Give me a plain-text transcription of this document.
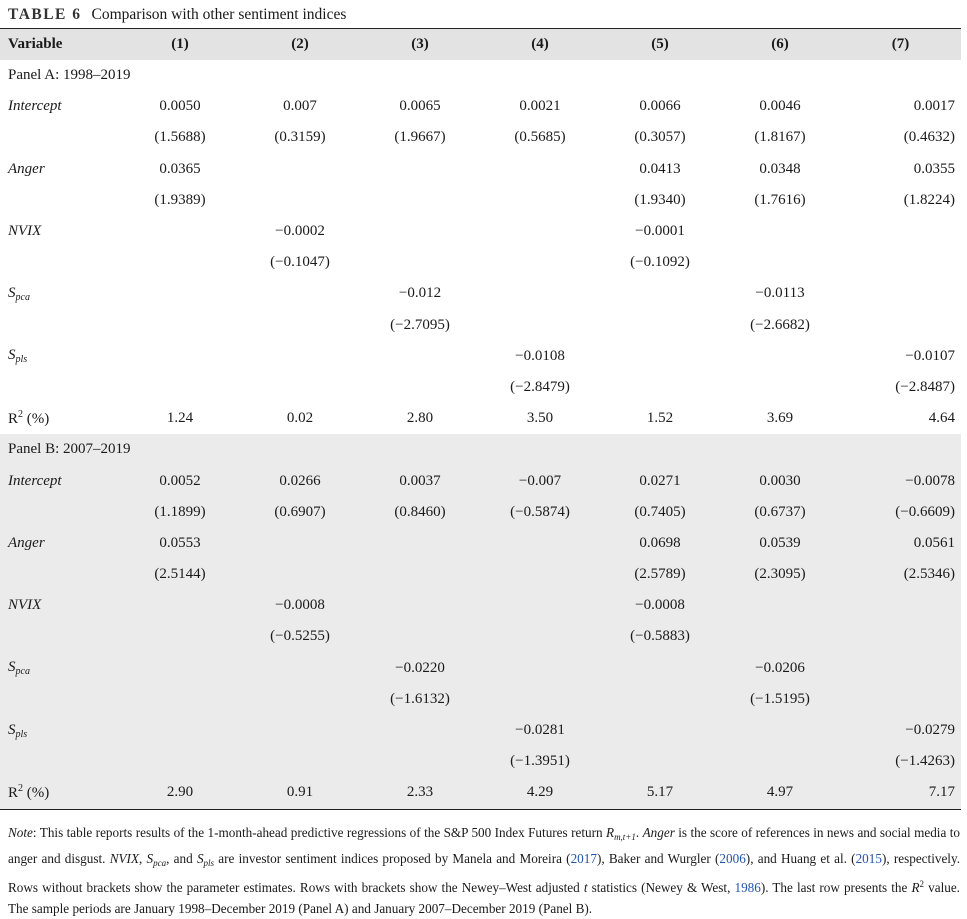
TABLE 6 Comparison with other sentiment indices
Variable	(1)	(2)	(3)	(4)	(5)	(6)	(7)
Panel A: 1998–2019							
Intercept	0.0050	0.007	0.0065	0.0021	0.0066	0.0046	0.0017
	(1.5688)	(0.3159)	(1.9667)	(0.5685)	(0.3057)	(1.8167)	(0.4632)
Anger	0.0365				0.0413	0.0348	0.0355
	(1.9389)				(1.9340)	(1.7616)	(1.8224)
NVIX		−0.0002			−0.0001		
		(−0.1047)			(−0.1092)		
$S_{pca}$			−0.012			−0.0113	
			(−2.7095)			(−2.6682)	
$S_{pls}$				−0.0108			−0.0107
				(−2.8479)			(−2.8487)
$R^2$ (%)	1.24	0.02	2.80	3.50	1.52	3.69	4.64
Panel B: 2007–2019							
Intercept	0.0052	0.0266	0.0037	−0.007	0.0271	0.0030	−0.0078
	(1.1899)	(0.6907)	(0.8460)	(−0.5874)	(0.7405)	(0.6737)	(−0.6609)
Anger	0.0553				0.0698	0.0539	0.0561
	(2.5144)				(2.5789)	(2.3095)	(2.5346)
NVIX		−0.0008			−0.0008		
		(−0.5255)			(−0.5883)		
$S_{pca}$			−0.0220			−0.0206	
			(−1.6132)			(−1.5195)	
$S_{pls}$				−0.0281			−0.0279
				(−1.3951)			(−1.4263)
$R^2$ (%)	2.90	0.91	2.33	4.29	5.17	4.97	7.17
Note: This table reports results of the 1-month-ahead predictive regressions of the S&P 500 Index Futures return $R_{m,t+1}$. Anger is the score of references in news and social media to anger and disgust. NVIX, $S_{pca}$, and $S_{pls}$ are investor sentiment indices proposed by Manela and Moreira (2017), Baker and Wurgler (2006), and Huang et al. (2015), respectively. Rows without brackets show the parameter estimates. Rows with brackets show the Newey–West adjusted t statistics (Newey & West, 1986). The last row presents the $R^2$ value. The sample periods are January 1998–December 2019 (Panel A) and January 2007–December 2019 (Panel B).
